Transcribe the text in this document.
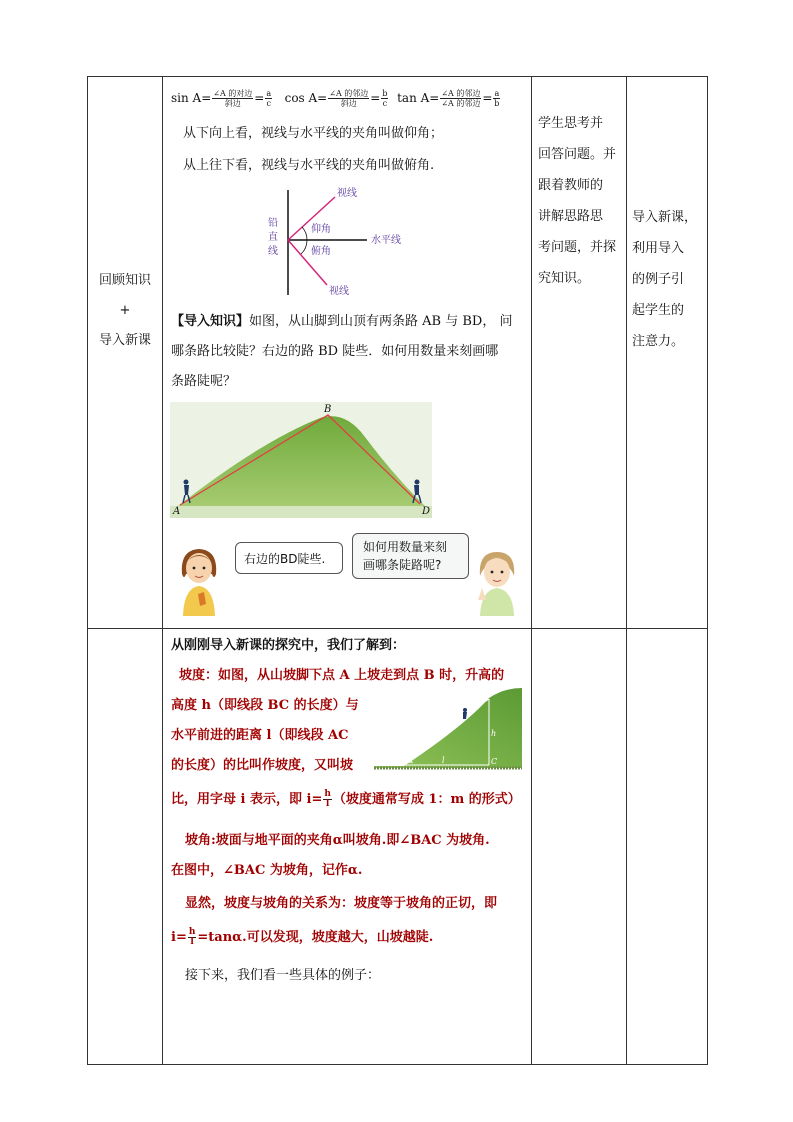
回顾知识
+
导入新课
$\sin A= \frac{\text{∠A 的对边}}{\text{斜边}} = \frac{a}{c}$ $\cos A= \frac{\text{∠A 的邻边}}{\text{斜边}} = \frac{b}{c}$ $\tan A= \frac{\text{∠A 的邻边}}{\text{∠A 的邻边}} = \frac{a}{b}$
从下向上看，视线与水平线的夹角叫做仰角；
从上往下看，视线与水平线的夹角叫做俯角.
铅
直
线
视线
仰角
俯角
水平线
视线
【导入知识】如图，从山脚到山顶有两条路 AB 与 BD， 问
哪条路比较陡？右边的路 BD 陡些．如何用数量来刻画哪
条路陡呢？
A
B
D
右边的BD陡些.
如何用数量来刻
画哪条陡路呢?
学生思考并
回答问题。并
跟着教师的
讲解思路思
考问题，并探
究知识。
导入新课，
利用导入
的例子引
起学生的
注意力。
从刚刚导入新课的探究中，我们了解到：
坡度：如图，从山坡脚下点 A 上坡走到点 B 时，升高的
高度 h（即线段 BC 的长度）与
水平前进的距离 l（即线段 AC
的长度）的比叫作坡度，又叫坡
比，用字母 i 表示，即 $i= \frac{h}{l}$ （坡度通常写成 1：m 的形式）
A
B
C
h
l
α
坡角:坡面与地平面的夹角α叫坡角.即∠BAC 为坡角.
在图中，∠BAC 为坡角，记作α.
显然，坡度与坡角的关系为：坡度等于坡角的正切，即
$i= \frac{h}{l} =\tan\alpha$.可以发现，坡度越大，山坡越陡.
接下来，我们看一些具体的例子：
